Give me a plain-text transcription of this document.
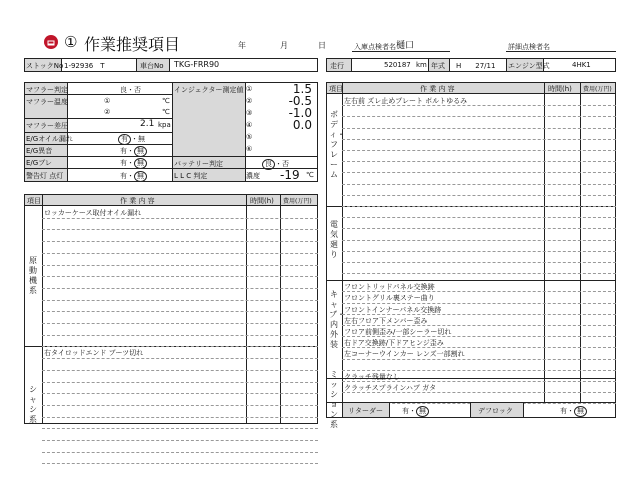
① 作業推奨項目	年	月	日	入庫点検者名 樋口	詳細点検者名
ストックNo 1-92936　T	車台No TKG-FRR90	走行	520187 km 年式 H　　27/11 エンジン型式	4HK1
マフラー判定	良・否
マフラー温度	①	℃
②	℃
マフラー差圧	2.1 kpa
E/Gオイル漏れ	有 ・無
E/G異音	有・ 無
E/Gブレ	有・ 無
警告灯 点灯	有・ 無
インジェクター測定値 ①	1.5
②	-0.5
③	-1.0
④	0.0
⑤
⑥
バッテリー判定	良 ・否
L L C 判定	濃度 -19 ℃
項目	作 業 内 容	時間(h) 費用(万円)
ロッカーケース取付オイル漏れ
原動機系
右タイロッドエンド ブーツ切れ
シャシ系
項目	作 業 内 容	時間(h) 費用(万円)
左右前 ズレ止めプレート ボルトゆるみ
ボディ・フレーム
電気廻り
フロントリッドパネル交換跡
フロントグリル裏ステー曲り
フロントインナーパネル交換跡
左右フロア下メンバー歪み
フロア前側歪み/一部シーラー切れ
右ドア交換跡/下ドアヒンジ歪み
左コーナーウインカー レンズ一部割れ
キャブ・内外装
クラッチ残量なし
クラッチスプラインハブ ガタ
ミッション系
リターダー	有・ 無	デフロック	有・ 無
